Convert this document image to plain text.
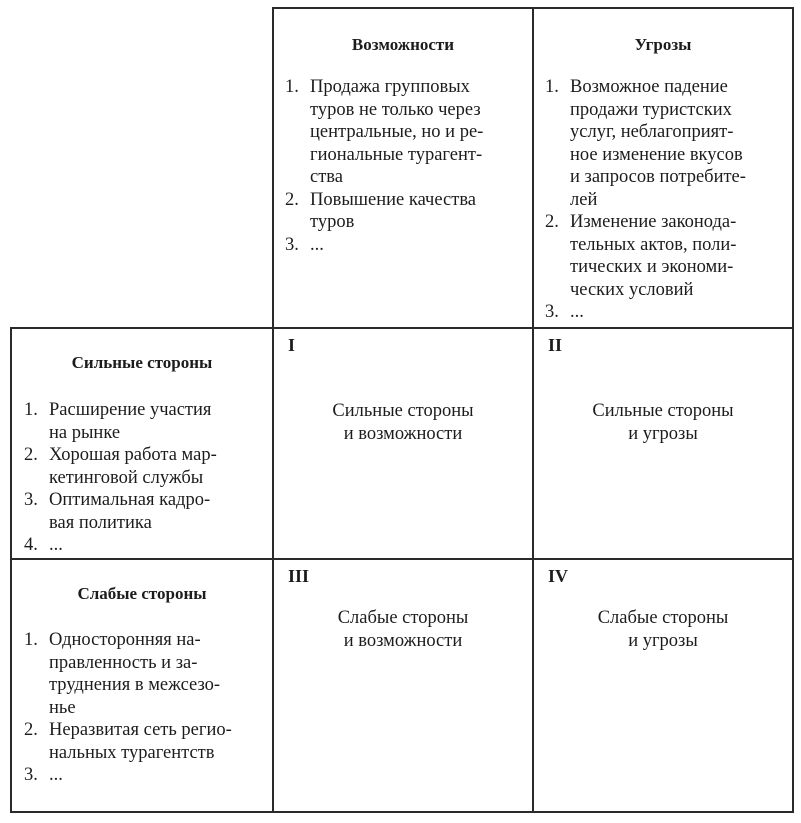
Возможности
1. Продажа групповых
туров не только через
центральные, но и ре-
гиональные турагент-
ства
2. Повышение качества
туров
3. ...
Угрозы
1. Возможное падение
продажи туристских
услуг, неблагоприят-
ное изменение вкусов
и запросов потребите-
лей
2. Изменение законода-
тельных актов, поли-
тических и экономи-
ческих условий
3. ...
Сильные стороны
1. Расширение участия
на рынке
2. Хорошая работа мар-
кетинговой службы
3. Оптимальная кадро-
вая политика
4. ...
Слабые стороны
1. Односторонняя на-
правленность и за-
труднения в межсезо-
нье
2. Неразвитая сеть регио-
нальных турагентств
3. ...
I
Сильные стороны
и возможности
II
Сильные стороны
и угрозы
III
Слабые стороны
и возможности
IV
Слабые стороны
и угрозы
